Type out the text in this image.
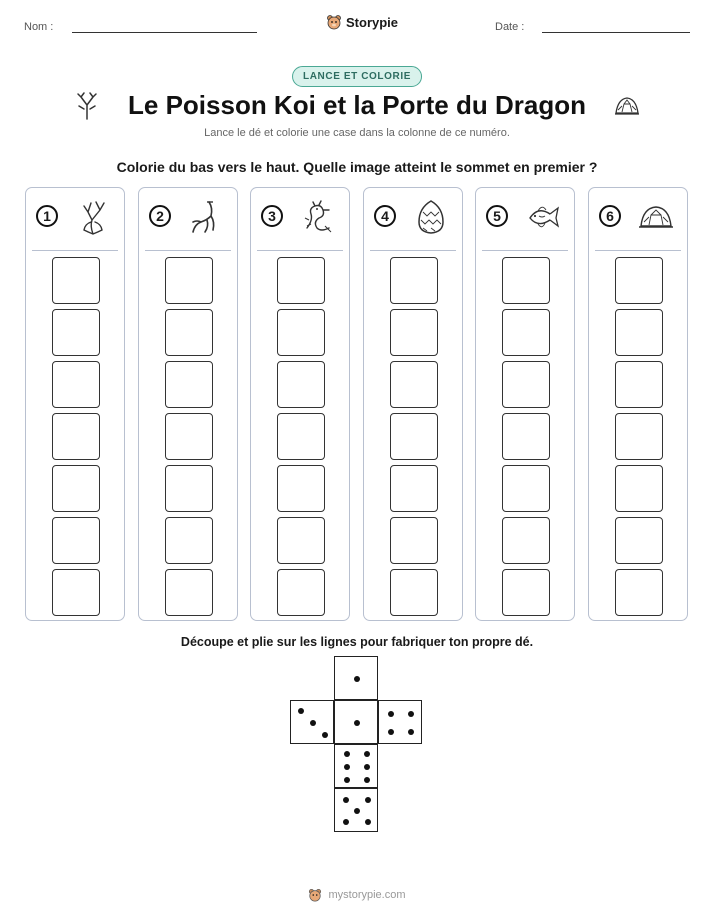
Nom :	Storypie	Date :
LANCE ET COLORIE
Le Poisson Koi et la Porte du Dragon
Lance le dé et colorie une case dans la colonne de ce numéro.
Colorie du bas vers le haut. Quelle image atteint le sommet en premier ?
1	2	3	4	5	6
Découpe et plie sur les lignes pour fabriquer ton propre dé.
mystorypie.com
